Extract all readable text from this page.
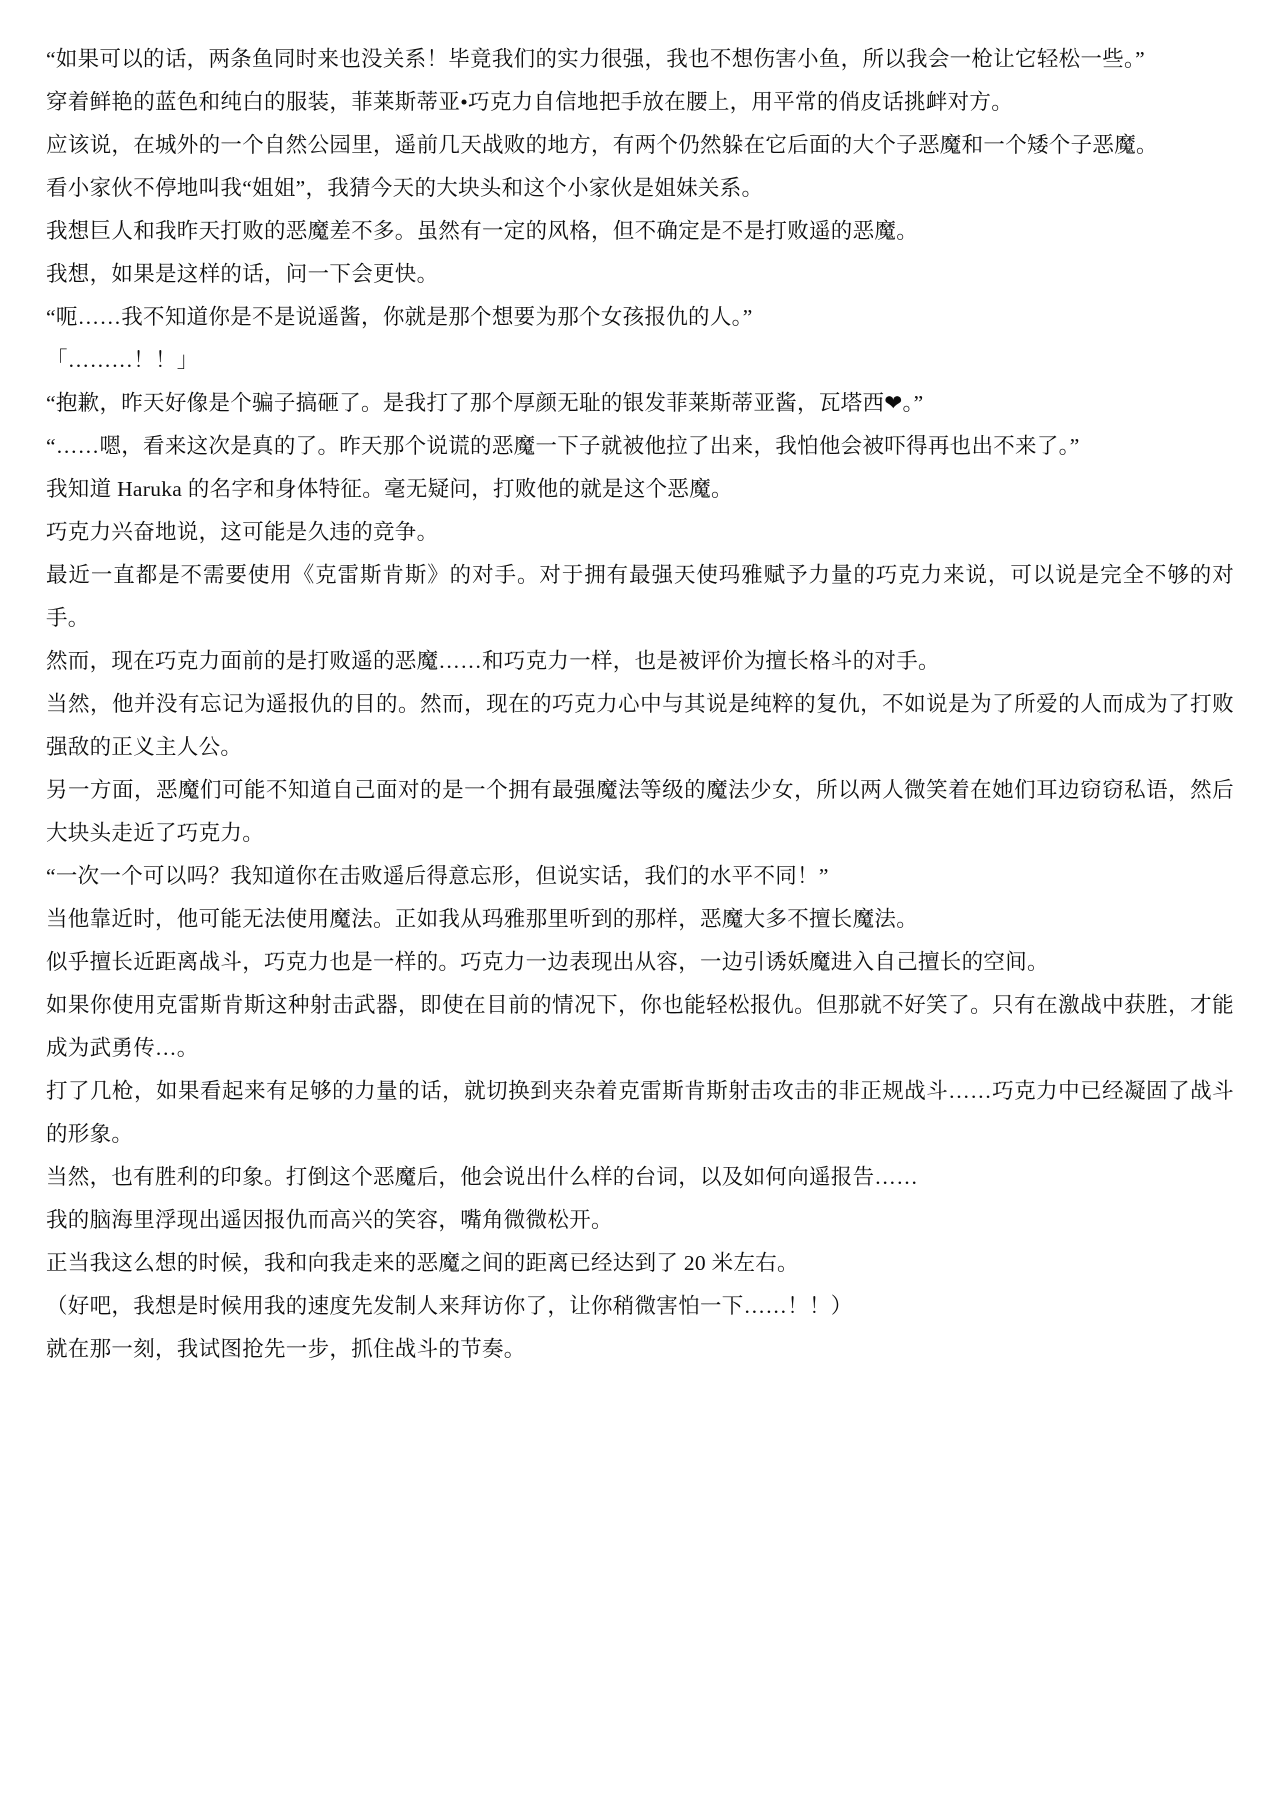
“如果可以的话，两条鱼同时来也没关系！毕竟我们的实力很强，我也不想伤害小鱼，所以我会一枪让它轻松一些。”

穿着鲜艳的蓝色和纯白的服装，菲莱斯蒂亚•巧克力自信地把手放在腰上，用平常的俏皮话挑衅对方。

应该说，在城外的一个自然公园里，遥前几天战败的地方，有两个仍然躲在它后面的大个子恶魔和一个矮个子恶魔。

看小家伙不停地叫我“姐姐”，我猜今天的大块头和这个小家伙是姐妹关系。

我想巨人和我昨天打败的恶魔差不多。虽然有一定的风格，但不确定是不是打败遥的恶魔。

我想，如果是这样的话，问一下会更快。

“呃……我不知道你是不是说遥酱，你就是那个想要为那个女孩报仇的人。”

「………！！」

“抱歉，昨天好像是个骗子搞砸了。是我打了那个厚颜无耻的银发菲莱斯蒂亚酱，瓦塔西❤。”

“……嗯，看来这次是真的了。昨天那个说谎的恶魔一下子就被他拉了出来，我怕他会被吓得再也出不来了。”

我知道 Haruka 的名字和身体特征。毫无疑问，打败他的就是这个恶魔。

巧克力兴奋地说，这可能是久违的竞争。

最近一直都是不需要使用《克雷斯肯斯》的对手。对于拥有最强天使玛雅赋予力量的巧克力来说，可以说是完全不够的对手。

然而，现在巧克力面前的是打败遥的恶魔……和巧克力一样，也是被评价为擅长格斗的对手。

当然，他并没有忘记为遥报仇的目的。然而，现在的巧克力心中与其说是纯粹的复仇，不如说是为了所爱的人而成为了打败强敌的正义主人公。

另一方面，恶魔们可能不知道自己面对的是一个拥有最强魔法等级的魔法少女，所以两人微笑着在她们耳边窃窃私语，然后大块头走近了巧克力。

“一次一个可以吗？我知道你在击败遥后得意忘形，但说实话，我们的水平不同！”

当他靠近时，他可能无法使用魔法。正如我从玛雅那里听到的那样，恶魔大多不擅长魔法。

似乎擅长近距离战斗，巧克力也是一样的。巧克力一边表现出从容，一边引诱妖魔进入自己擅长的空间。

如果你使用克雷斯肯斯这种射击武器，即使在目前的情况下，你也能轻松报仇。但那就不好笑了。只有在激战中获胜，才能成为武勇传…。

打了几枪，如果看起来有足够的力量的话，就切换到夹杂着克雷斯肯斯射击攻击的非正规战斗……巧克力中已经凝固了战斗的形象。

当然，也有胜利的印象。打倒这个恶魔后，他会说出什么样的台词，以及如何向遥报告……

我的脑海里浮现出遥因报仇而高兴的笑容，嘴角微微松开。

正当我这么想的时候，我和向我走来的恶魔之间的距离已经达到了 20 米左右。

（好吧，我想是时候用我的速度先发制人来拜访你了，让你稍微害怕一下……！！）

就在那一刻，我试图抢先一步，抓住战斗的节奏。
